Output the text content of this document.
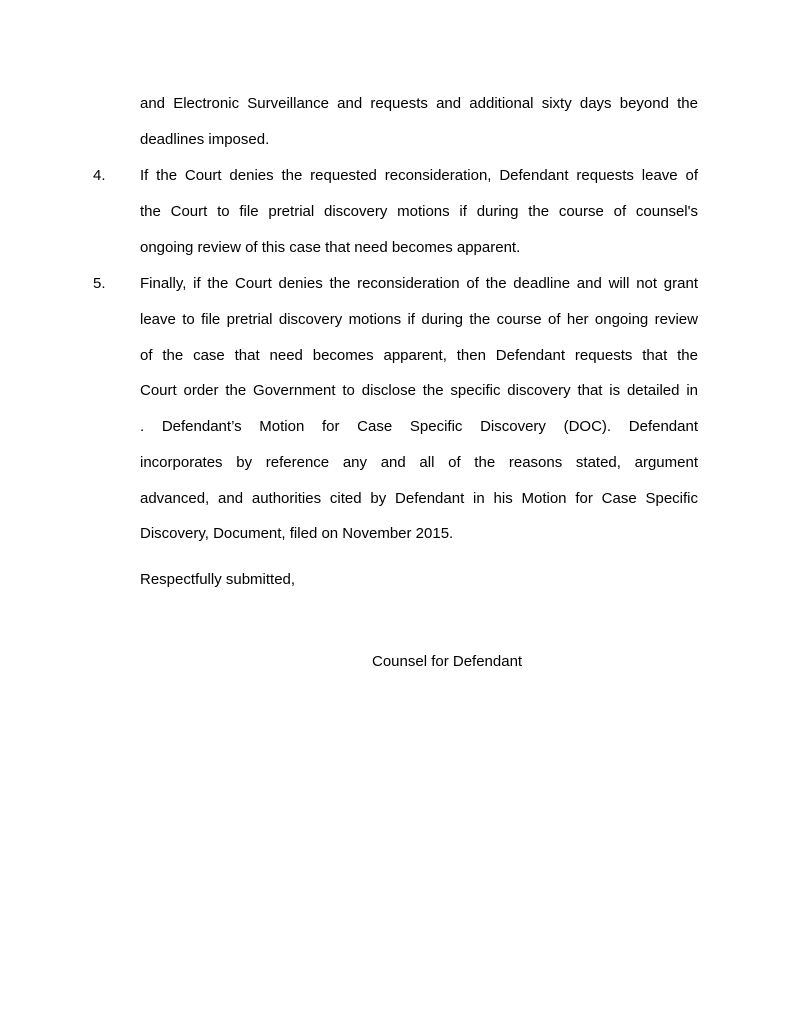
and Electronic Surveillance and requests and additional sixty days beyond the
deadlines imposed.
4. If the Court denies the requested reconsideration, Defendant requests leave of
the Court to file pretrial discovery motions if during the course of counsel's
ongoing review of this case that need becomes apparent.
5. Finally, if the Court denies the reconsideration of the deadline and will not grant
leave to file pretrial discovery motions if during the course of her ongoing review
of the case that need becomes apparent, then Defendant requests that the
Court order the Government to disclose the specific discovery that is detailed in
. Defendant’s Motion for Case Specific Discovery (DOC). Defendant
incorporates by reference any and all of the reasons stated, argument
advanced, and authorities cited by Defendant in his Motion for Case Specific
Discovery, Document, filed on November 2015.
Respectfully submitted,
Counsel for Defendant
